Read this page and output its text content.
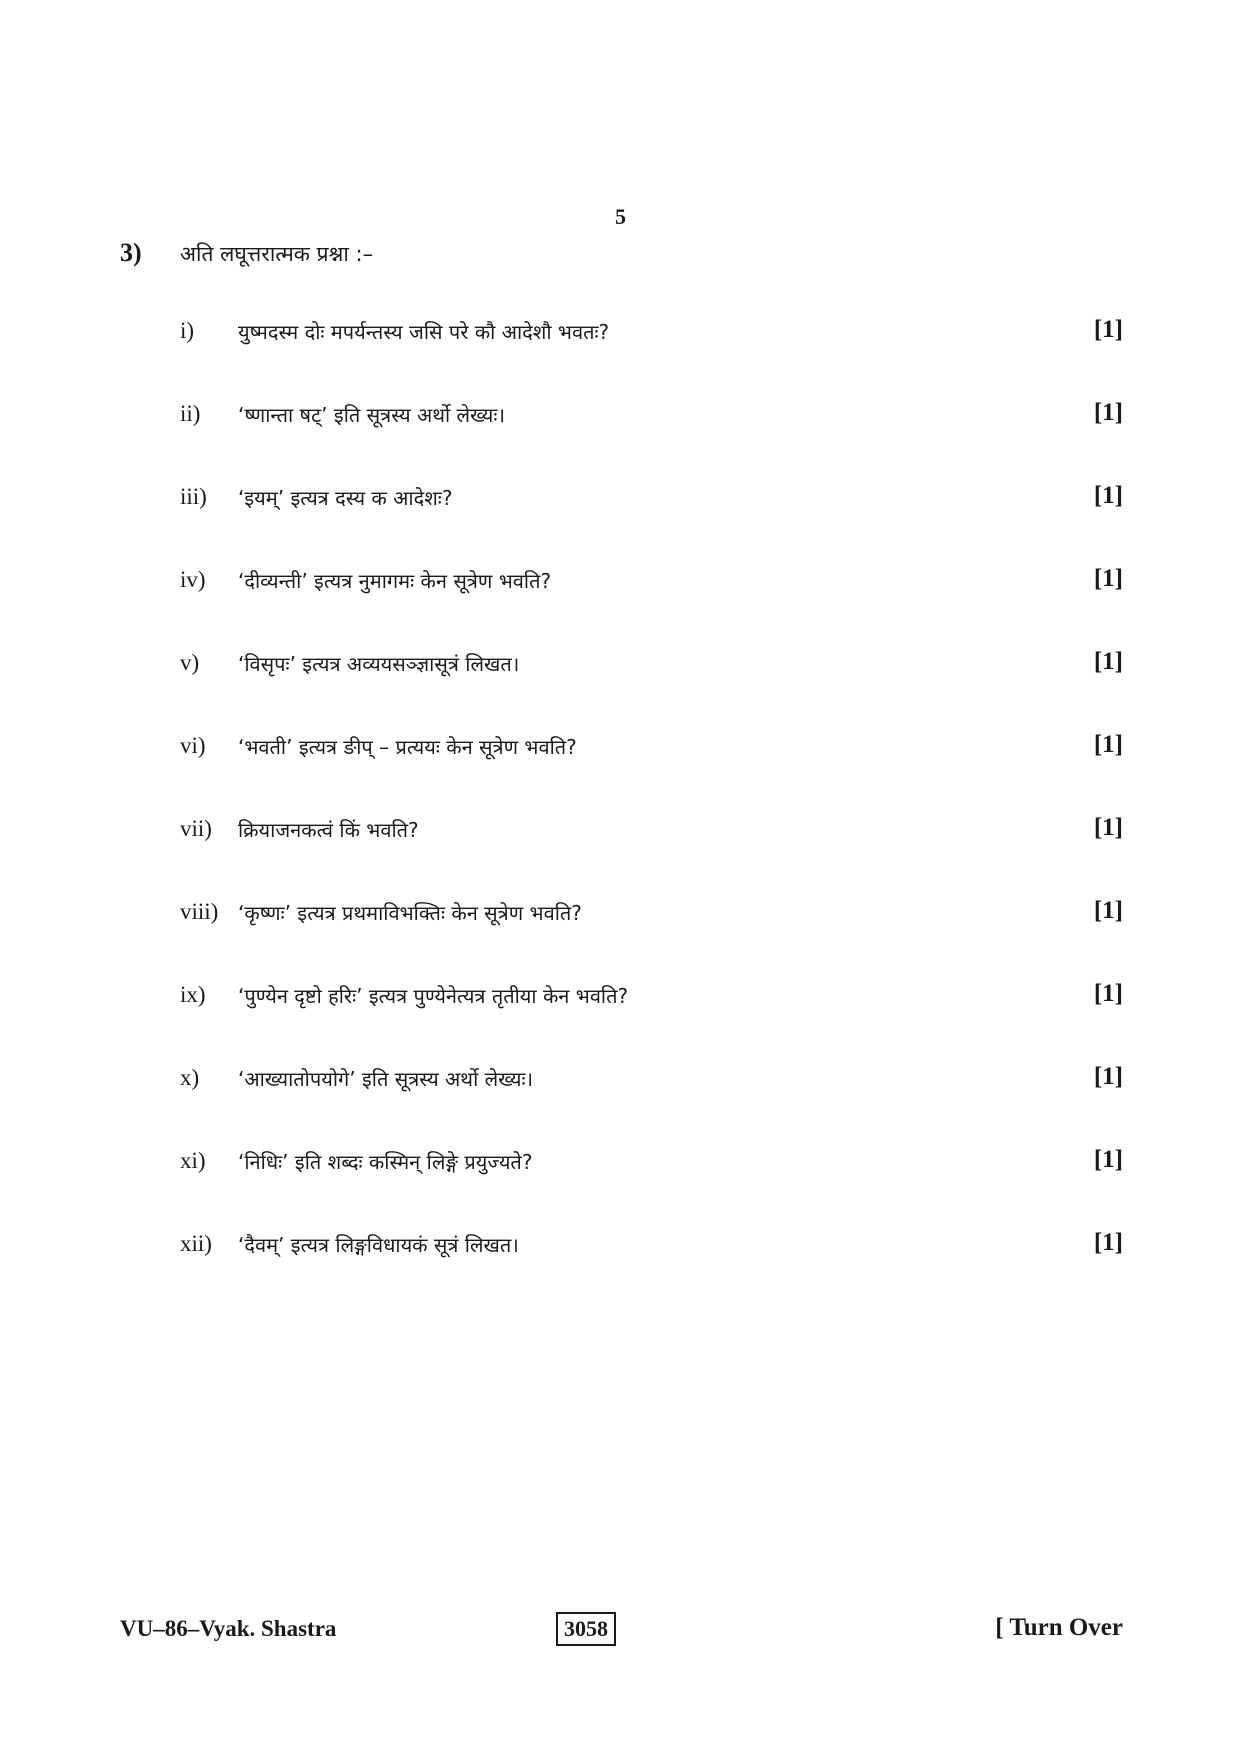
5
3) अति लघूत्तरात्मक प्रश्ना :–
i) युष्मदस्म दोः मपर्यन्तस्य जसि परे कौ आदेशौ भवतः?	[1]
ii) ‘ष्णान्ता षट्’ इति सूत्रस्य अर्थो लेख्यः।	[1]
iii) ‘इयम्’ इत्यत्र दस्य क आदेशः?	[1]
iv) ‘दीव्यन्ती’ इत्यत्र नुमागमः केन सूत्रेण भवति?	[1]
v) ‘विसृपः’ इत्यत्र अव्ययसञ्ज्ञासूत्रं लिखत।	[1]
vi) ‘भवती’ इत्यत्र ङीप् – प्रत्ययः केन सूत्रेण भवति?	[1]
vii) क्रियाजनकत्वं किं भवति?	[1]
viii) ‘कृष्णः’ इत्यत्र प्रथमाविभक्तिः केन सूत्रेण भवति?	[1]
ix) ‘पुण्येन दृष्टो हरिः’ इत्यत्र पुण्येनेत्यत्र तृतीया केन भवति?	[1]
x) ‘आख्यातोपयोगे’ इति सूत्रस्य अर्थो लेख्यः।	[1]
xi) ‘निधिः’ इति शब्दः कस्मिन् लिङ्गे प्रयुज्यते?	[1]
xii) ‘दैवम्’ इत्यत्र लिङ्गविधायकं सूत्रं लिखत।	[1]
VU–86–Vyak. Shastra	3058	[ Turn Over
